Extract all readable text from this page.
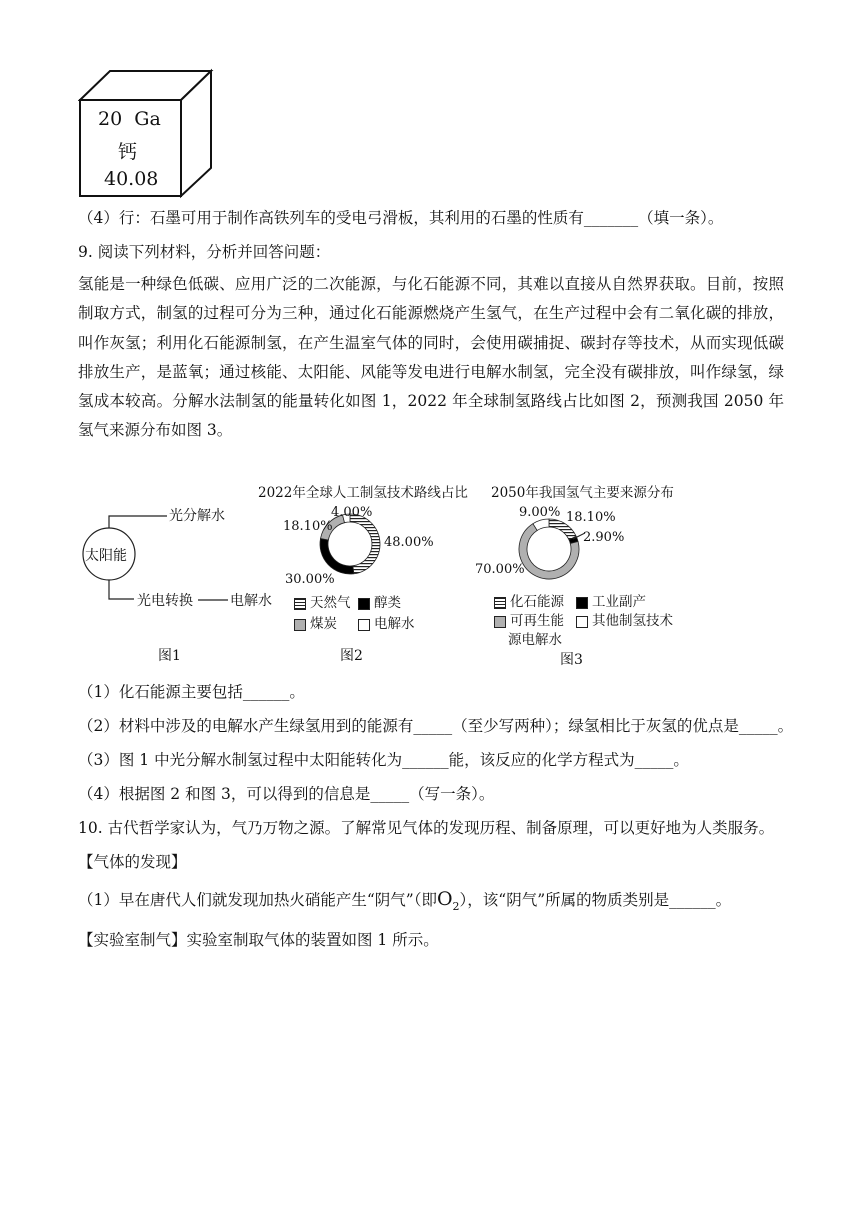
20 Ga
钙
40.08
（4）行：石墨可用于制作高铁列车的受电弓滑板，其利用的石墨的性质有_______（填一条）。
9. 阅读下列材料，分析并回答问题：
氢能是一种绿色低碳、应用广泛的二次能源，与化石能源不同，其难以直接从自然界获取。目前，按照制取方式，制氢的过程可分为三种，通过化石能源燃烧产生氢气，在生产过程中会有二氧化碳的排放，叫作灰氢；利用化石能源制氢，在产生温室气体的同时，会使用碳捕捉、碳封存等技术，从而实现低碳排放生产，是蓝氧；通过核能、太阳能、风能等发电进行电解水制氢，完全没有碳排放，叫作绿氢，绿氢成本较高。分解水法制氢的能量转化如图 1，2022 年全球制氢路线占比如图 2，预测我国 2050 年氢气来源分布如图 3。
太阳能
光分解水
光电转换	电解水
图1
2022年全球人工制氢技术路线占比 2050年我国氢气主要来源分布
48.00%
30.00%
18.10%
4.00%
天然气	醇类
煤炭	电解水
图2
18.10%
2.90%
70.00%
9.00%
化石能源	工业副产
可再生能	其他制氢技术
源电解水
图3
（1）化石能源主要包括______。
（2）材料中涉及的电解水产生绿氢用到的能源有_____（至少写两种）；绿氢相比于灰氢的优点是_____。
（3）图 1 中光分解水制氢过程中太阳能转化为______能，该反应的化学方程式为_____。
（4）根据图 2 和图 3，可以得到的信息是_____（写一条）。
10. 古代哲学家认为，气乃万物之源。了解常见气体的发现历程、制备原理，可以更好地为人类服务。
【气体的发现】
（1）早在唐代人们就发现加热火硝能产生“阴气”（即$O_2$），该“阴气”所属的物质类别是______。
【实验室制气】实验室制取气体的装置如图 1 所示。
